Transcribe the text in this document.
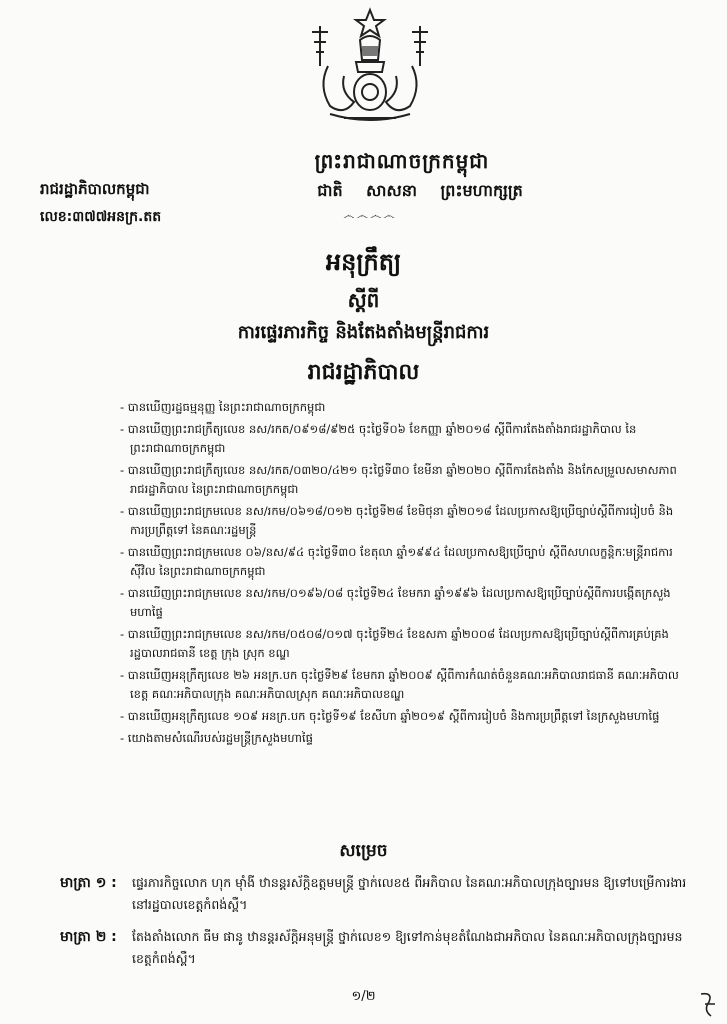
ព្រះរាជាណាចក្រកម្ពុជា
ជាតិ សាសនា ព្រះមហាក្សត្រ
෴෴෴෴
រាជរដ្ឋាភិបាលកម្ពុជា
លេខ:៣៧៧អនក្រ.តត
អនុក្រឹត្យ
ស្តីពី
ការផ្ទេរភារកិច្ច និងតែងតាំងមន្ត្រីរាជការ
រាជរដ្ឋាភិបាល
- បានឃើញរដ្ឋធម្មនុញ្ញ នៃព្រះរាជាណាចក្រកម្ពុជា
- បានឃើញព្រះរាជក្រឹត្យលេខ នស/រកត/០៩១៨/៩២៥ ចុះថ្ងៃទី០៦ ខែកញ្ញា ឆ្នាំ២០១៨ ស្តីពីការតែងតាំងរាជរដ្ឋាភិបាល នៃព្រះរាជាណាចក្រកម្ពុជា
- បានឃើញព្រះរាជក្រឹត្យលេខ នស/រកត/០៣២០/៤២១ ចុះថ្ងៃទី៣០ ខែមីនា ឆ្នាំ២០២០ ស្តីពីការតែងតាំង និងកែសម្រួលសមាសភាពរាជរដ្ឋាភិបាល នៃព្រះរាជាណាចក្រកម្ពុជា
- បានឃើញព្រះរាជក្រមលេខ នស/រកម/០៦១៨/០១២ ចុះថ្ងៃទី២៨ ខែមិថុនា ឆ្នាំ២០១៨ ដែលប្រកាសឱ្យប្រើច្បាប់ស្តីពីការរៀបចំ និងការប្រព្រឹត្តទៅ នៃគណៈរដ្ឋមន្ត្រី
- បានឃើញព្រះរាជក្រមលេខ ០៦/នស/៩៤ ចុះថ្ងៃទី៣០ ខែតុលា ឆ្នាំ១៩៩៤ ដែលប្រកាសឱ្យប្រើច្បាប់ ស្តីពីសហលក្ខន្តិកៈមន្ត្រីរាជការស៊ីវិល នៃព្រះរាជាណាចក្រកម្ពុជា
- បានឃើញព្រះរាជក្រមលេខ នស/រកម/០១៩៦/០៨ ចុះថ្ងៃទី២៤ ខែមករា ឆ្នាំ១៩៩៦ ដែលប្រកាសឱ្យប្រើច្បាប់ស្តីពីការបង្កើតក្រសួងមហាផ្ទៃ
- បានឃើញព្រះរាជក្រមលេខ នស/រកម/០៥០៨/០១៧ ចុះថ្ងៃទី២៤ ខែឧសភា ឆ្នាំ២០០៨ ដែលប្រកាសឱ្យប្រើច្បាប់ស្តីពីការគ្រប់គ្រងរដ្ឋបាលរាជធានី ខេត្ត ក្រុង ស្រុក ខណ្ឌ
- បានឃើញអនុក្រឹត្យលេខ ២៦ អនក្រ.បក ចុះថ្ងៃទី២៩ ខែមករា ឆ្នាំ២០០៩ ស្តីពីការកំណត់ចំនួនគណៈអភិបាលរាជធានី គណៈអភិបាលខេត្ត គណៈអភិបាលក្រុង គណៈអភិបាលស្រុក គណៈអភិបាលខណ្ឌ
- បានឃើញអនុក្រឹត្យលេខ ១០៩ អនក្រ.បក ចុះថ្ងៃទី១៩ ខែសីហា ឆ្នាំ២០១៩ ស្តីពីការរៀបចំ និងការប្រព្រឹត្តទៅ នៃក្រសួងមហាផ្ទៃ
- យោងតាមសំណើរបស់រដ្ឋមន្ត្រីក្រសួងមហាផ្ទៃ
សម្រេច
មាត្រា ១ :	ផ្ទេរភារកិច្ចលោក ហុក ម៉ាំងី ឋានន្តរស័ក្តិឧត្តមមន្ត្រី ថ្នាក់លេខ៥ ពីអភិបាល នៃគណៈអភិបាលក្រុងច្បារមន ឱ្យទៅបម្រើការងារនៅរដ្ឋបាលខេត្តកំពង់ស្ពឺ។
មាត្រា ២ :	តែងតាំងលោក ធីម ផានូ ឋានន្តរស័ក្តិអនុមន្ត្រី ថ្នាក់លេខ១ ឱ្យទៅកាន់មុខតំណែងជាអភិបាល នៃគណៈអភិបាលក្រុងច្បារមន ខេត្តកំពង់ស្ពឺ។
១/២
